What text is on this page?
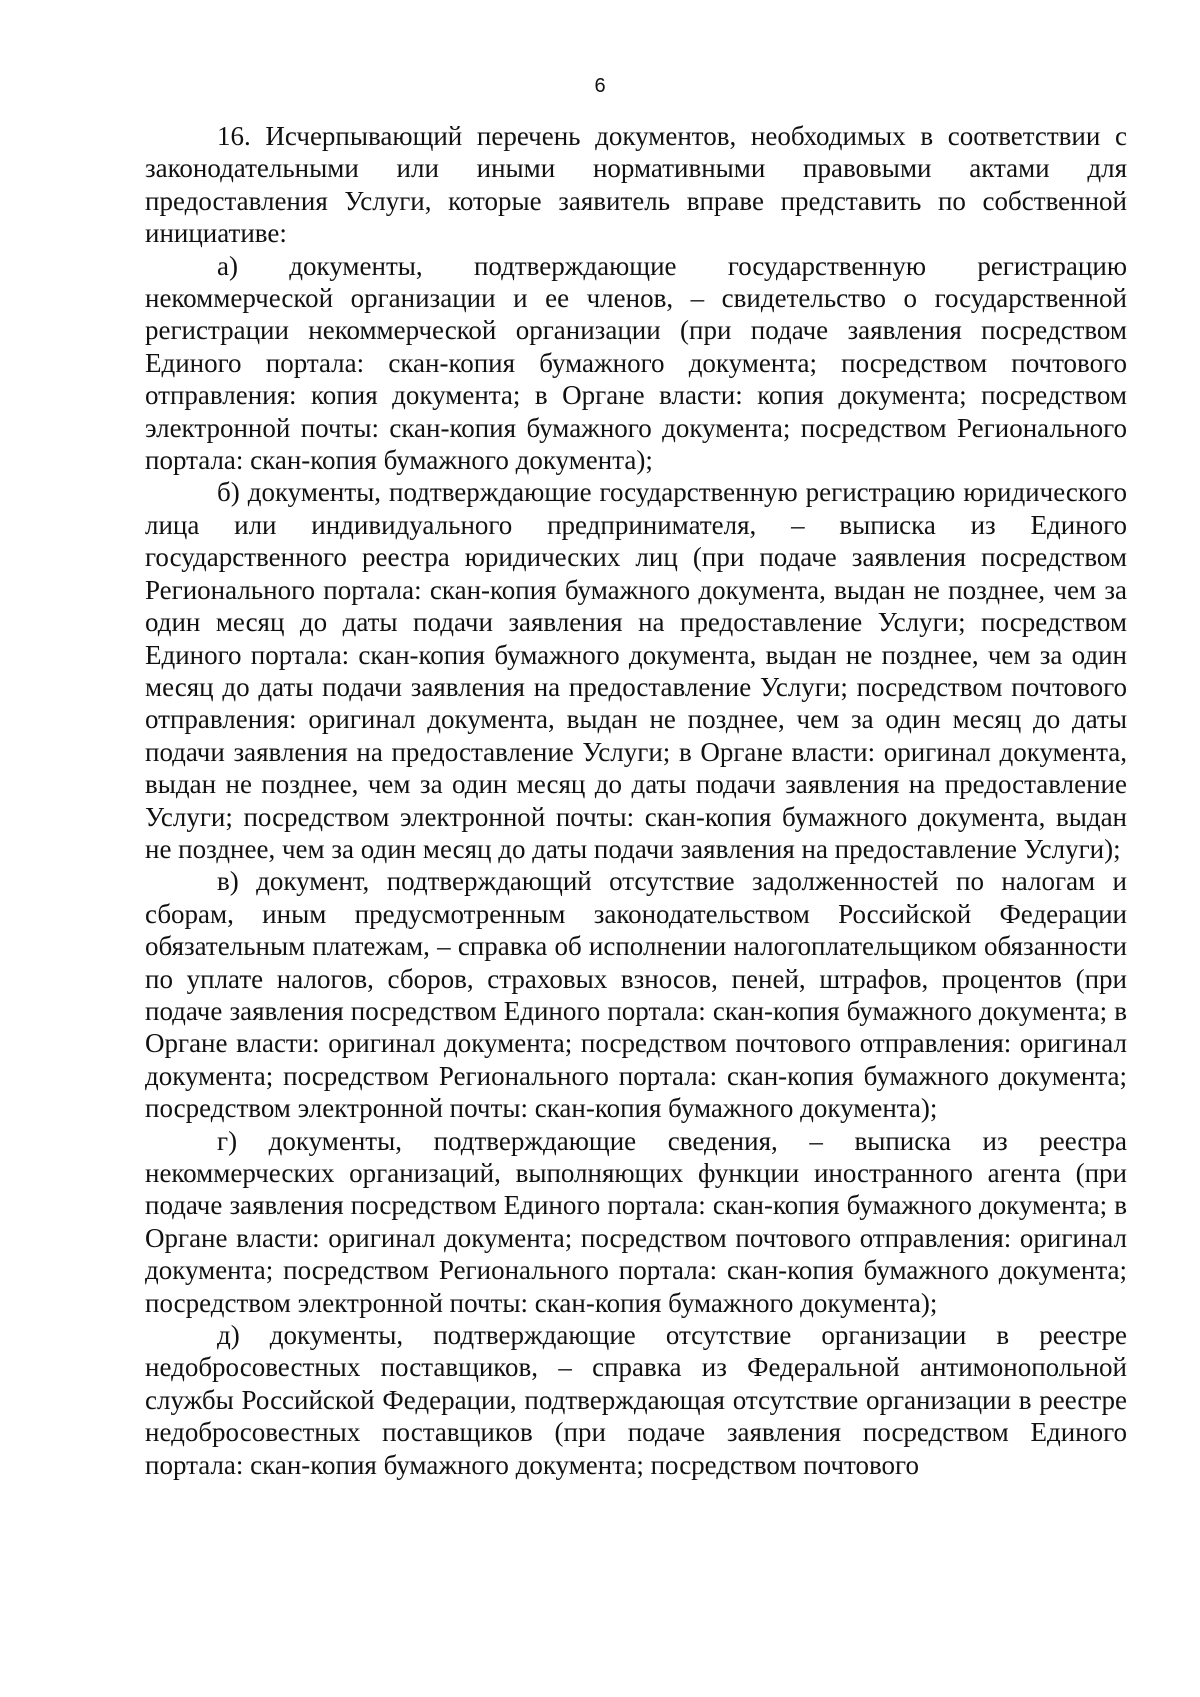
6

16. Исчерпывающий перечень документов, необходимых в соответствии с законодательными или иными нормативными правовыми актами для предоставления Услуги, которые заявитель вправе представить по собственной инициативе:

а) документы, подтверждающие государственную регистрацию некоммерческой организации и ее членов, – свидетельство о государственной регистрации некоммерческой организации (при подаче заявления посредством Единого портала: скан-копия бумажного документа; посредством почтового отправления: копия документа; в Органе власти: копия документа; посредством электронной почты: скан-копия бумажного документа; посредством Регионального портала: скан-копия бумажного документа);

б) документы, подтверждающие государственную регистрацию юридического лица или индивидуального предпринимателя, – выписка из Единого государственного реестра юридических лиц (при подаче заявления посредством Регионального портала: скан-копия бумажного документа, выдан не позднее, чем за один месяц до даты подачи заявления на предоставление Услуги; посредством Единого портала: скан-копия бумажного документа, выдан не позднее, чем за один месяц до даты подачи заявления на предоставление Услуги; посредством почтового отправления: оригинал документа, выдан не позднее, чем за один месяц до даты подачи заявления на предоставление Услуги; в Органе власти: оригинал документа, выдан не позднее, чем за один месяц до даты подачи заявления на предоставление Услуги; посредством электронной почты: скан-копия бумажного документа, выдан не позднее, чем за один месяц до даты подачи заявления на предоставление Услуги);

в) документ, подтверждающий отсутствие задолженностей по налогам и сборам, иным предусмотренным законодательством Российской Федерации обязательным платежам, – справка об исполнении налогоплательщиком обязанности по уплате налогов, сборов, страховых взносов, пеней, штрафов, процентов (при подаче заявления посредством Единого портала: скан-копия бумажного документа; в Органе власти: оригинал документа; посредством почтового отправления: оригинал документа; посредством Регионального портала: скан-копия бумажного документа; посредством электронной почты: скан-копия бумажного документа);

г) документы, подтверждающие сведения, – выписка из реестра некоммерческих организаций, выполняющих функции иностранного агента (при подаче заявления посредством Единого портала: скан-копия бумажного документа; в Органе власти: оригинал документа; посредством почтового отправления: оригинал документа; посредством Регионального портала: скан-копия бумажного документа; посредством электронной почты: скан-копия бумажного документа);

д) документы, подтверждающие отсутствие организации в реестре недобросовестных поставщиков, – справка из Федеральной антимонопольной службы Российской Федерации, подтверждающая отсутствие организации в реестре недобросовестных поставщиков (при подаче заявления посредством Единого портала: скан-копия бумажного документа; посредством почтового
